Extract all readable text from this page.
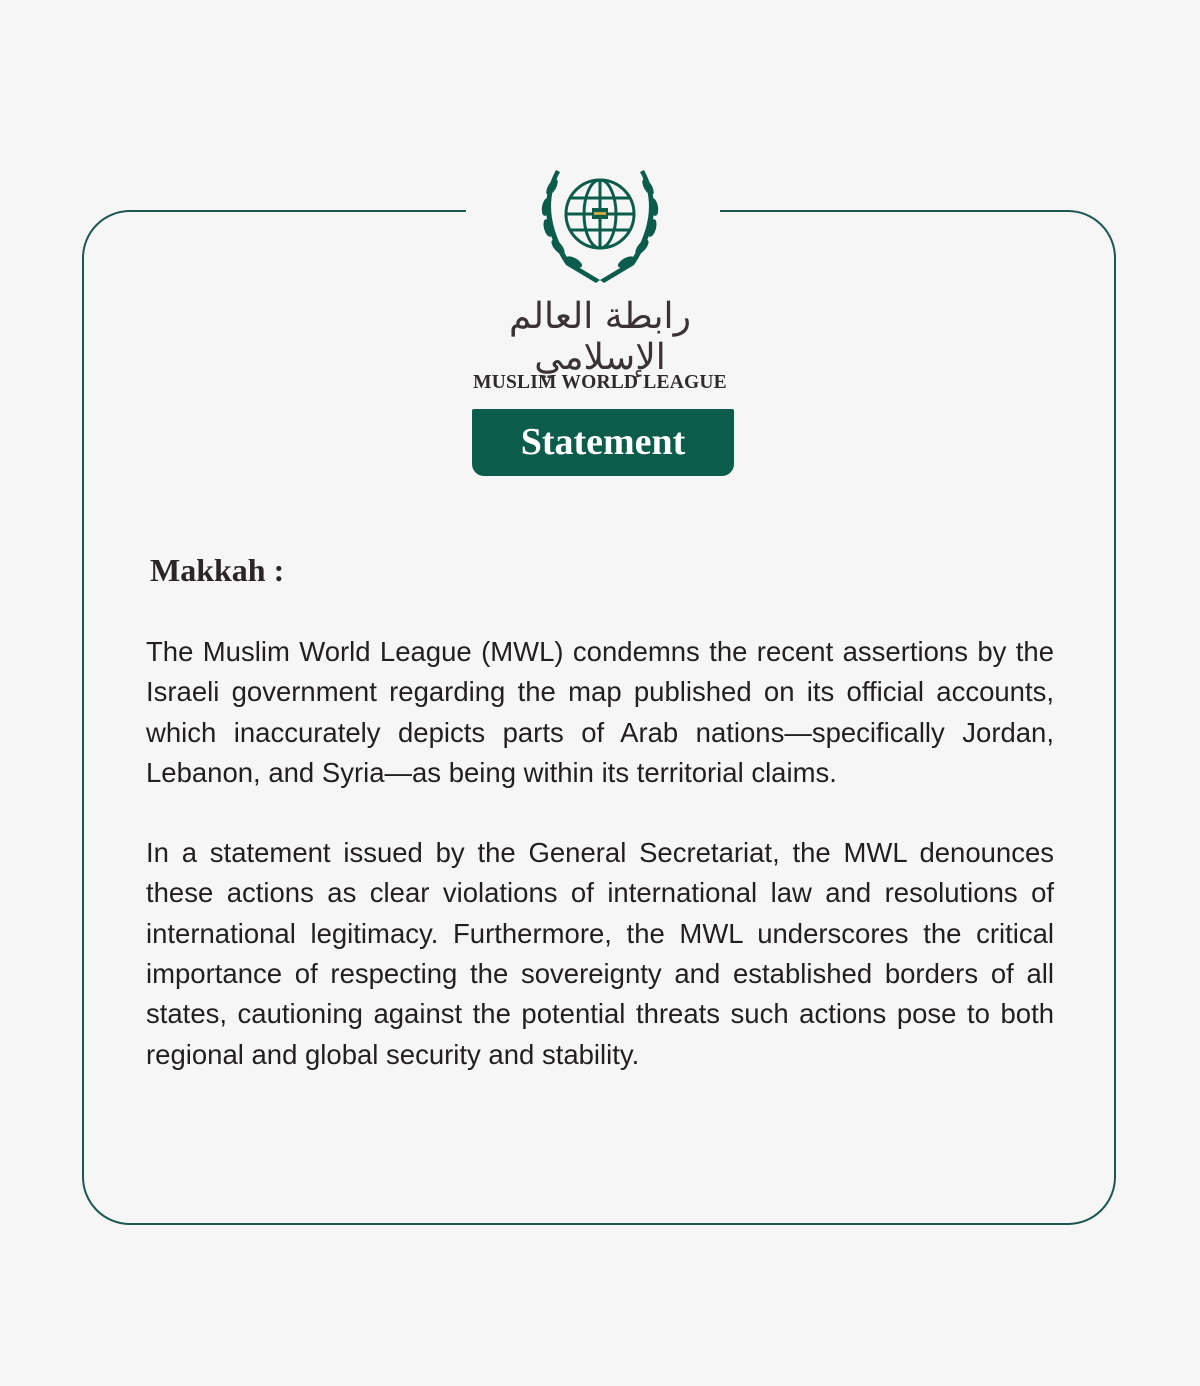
رابطة العالم الإسلامي
MUSLIM WORLD LEAGUE
Statement
Makkah :

The Muslim World League (MWL) condemns the recent assertions by the Israeli government regarding the map published on its official accounts, which inaccurately depicts parts of Arab nations—specifically Jordan, Lebanon, and Syria—as being within its territorial claims.

In a statement issued by the General Secretariat, the MWL denounces these actions as clear violations of international law and resolutions of international legitimacy. Furthermore, the MWL underscores the critical importance of respecting the sovereignty and established borders of all states, cautioning against the potential threats such actions pose to both regional and global security and stability.
